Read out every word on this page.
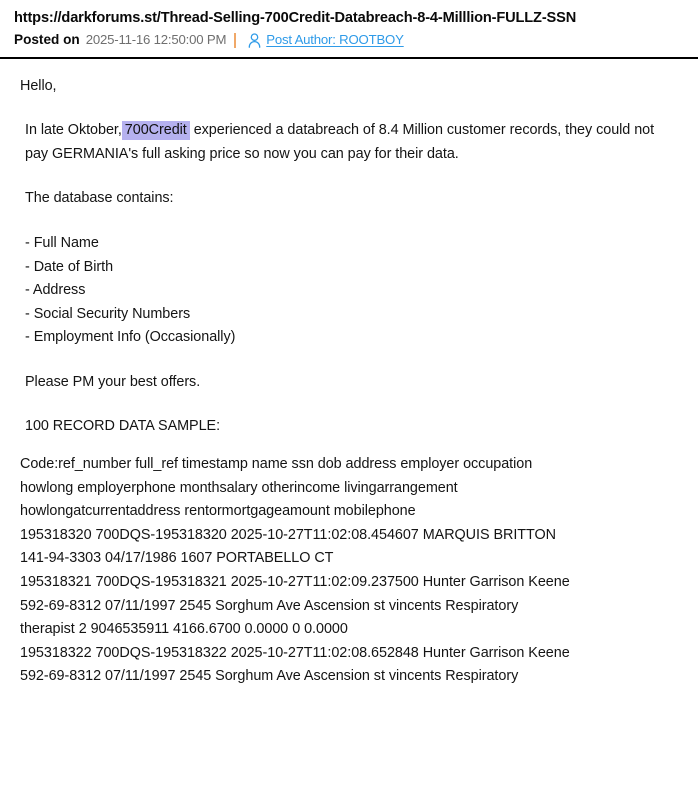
https://darkforums.st/Thread-Selling-700Credit-Databreach-8-4-Milllion-FULLZ-SSN
Posted on 2025-11-16 12:50:00 PM	Post Author: ROOTBOY

Hello,

In late Oktober, 700Credit experienced a databreach of 8.4 Million customer records, they could not pay GERMANIA's full asking price so now you can pay for their data.

The database contains:

- Full Name

- Date of Birth

- Address

- Social Security Numbers

- Employment Info (Occasionally)

Please PM your best offers.

100 RECORD DATA SAMPLE:

Code:ref_number full_ref timestamp name ssn dob address employer occupation

howlong employerphone monthsalary otherincome livingarrangement

howlongatcurrentaddress rentormortgageamount mobilephone

195318320 700DQS-195318320 2025-10-27T11:02:08.454607 MARQUIS BRITTON

141-94-3303 04/17/1986 1607 PORTABELLO CT

195318321 700DQS-195318321 2025-10-27T11:02:09.237500 Hunter Garrison Keene

592-69-8312 07/11/1997 2545 Sorghum Ave Ascension st vincents Respiratory

therapist 2 9046535911 4166.6700 0.0000 0 0.0000

195318322 700DQS-195318322 2025-10-27T11:02:08.652848 Hunter Garrison Keene

592-69-8312 07/11/1997 2545 Sorghum Ave Ascension st vincents Respiratory
